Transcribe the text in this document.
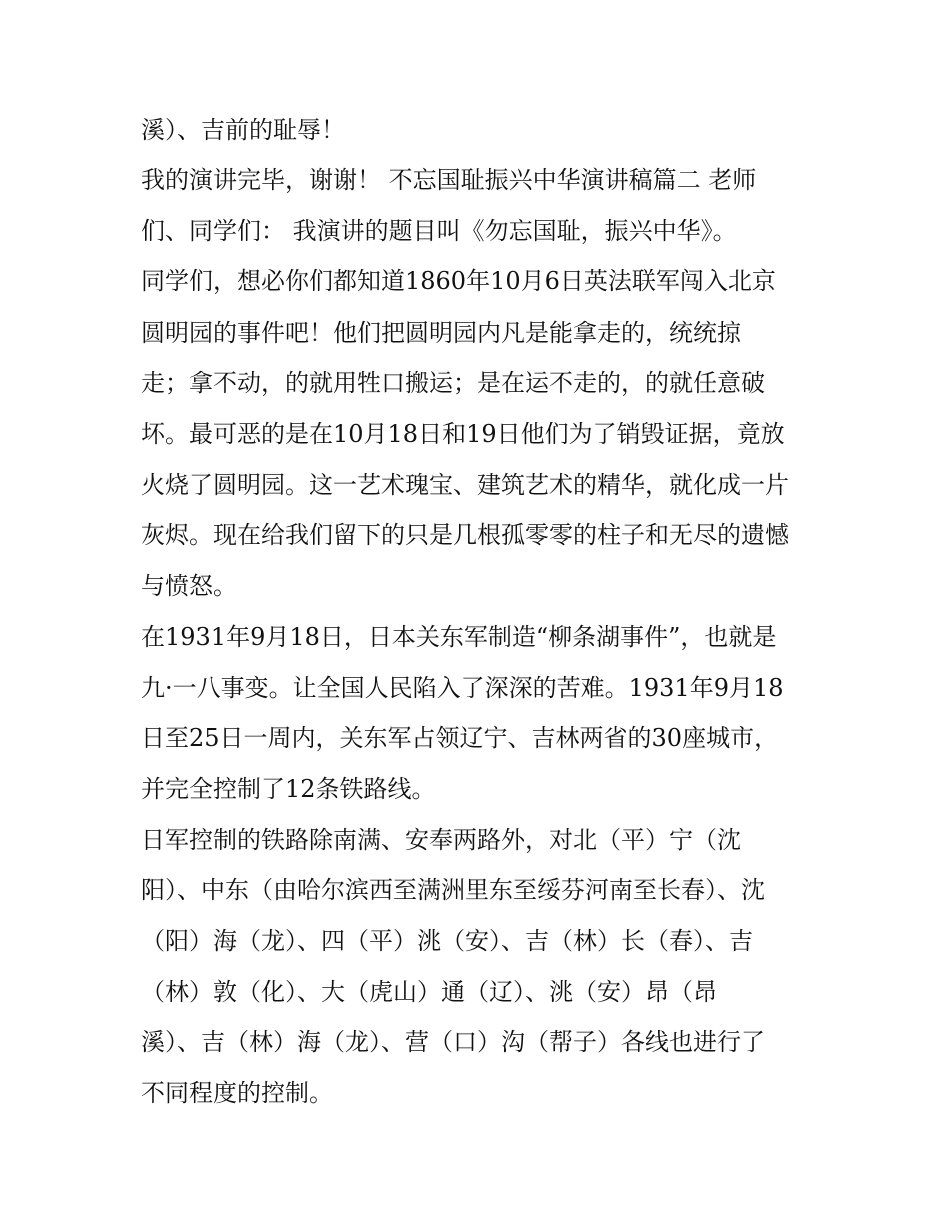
溪）、吉前的耻辱！
我的演讲完毕，谢谢！ 不忘国耻振兴中华演讲稿篇二 老师
们、同学们： 我演讲的题目叫《勿忘国耻，振兴中华》。
同学们，想必你们都知道1860年10月6日英法联军闯入北京
圆明园的事件吧！他们把圆明园内凡是能拿走的，统统掠
走；拿不动，的就用牲口搬运；是在运不走的，的就任意破
坏。最可恶的是在10月18日和19日他们为了销毁证据，竟放
火烧了圆明园。这一艺术瑰宝、建筑艺术的精华，就化成一片
灰烬。现在给我们留下的只是几根孤零零的柱子和无尽的遗憾
与愤怒。
在1931年9月18日，日本关东军制造“柳条湖事件”，也就是
九·一八事变。让全国人民陷入了深深的苦难。1931年9月18
日至25日一周内，关东军占领辽宁、吉林两省的30座城市，
并完全控制了12条铁路线。
日军控制的铁路除南满、安奉两路外，对北（平）宁（沈
阳）、中东（由哈尔滨西至满洲里东至绥芬河南至长春）、沈
（阳）海（龙）、四（平）洮（安）、吉（林）长（春）、吉
（林）敦（化）、大（虎山）通（辽）、洮（安）昂（昂
溪）、吉（林）海（龙）、营（口）沟（帮子）各线也进行了
不同程度的控制。
